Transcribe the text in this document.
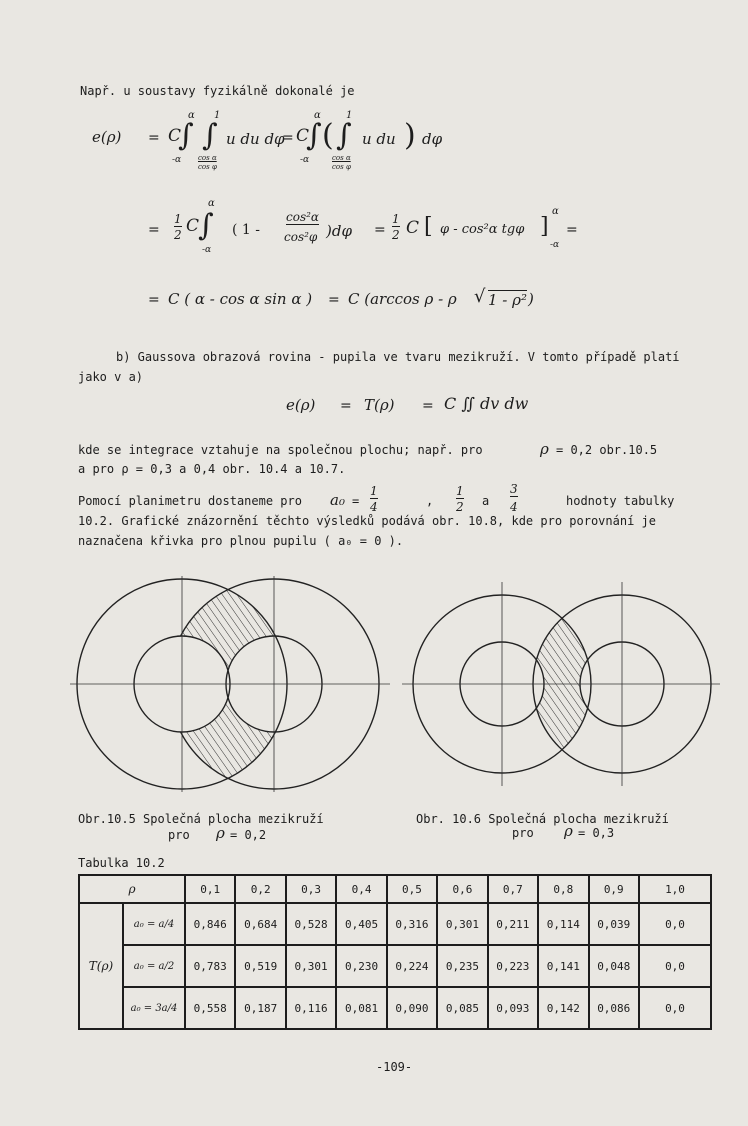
Např. u soustavy fyzikálně dokonalé je
e(ρ) = C
∫
α
-α
∫
1
cos α
cos φ
u du dφ
= C
∫
α
-α
( ∫
1
cos α
cos φ
u du ) dφ
=
1
2 C
∫
α
-α
( 1 -
cos²α
cos²φ )dφ =
1
2 C [ φ - cos²α tgφ ]
α
-α
=
= C ( α - cos α sin α ) = C (arccos ρ - ρ √ 1 - ρ² )
b) Gaussova obrazová rovina - pupila ve tvaru mezikruží. V tomto případě platí
jako v a)
e(ρ) = T(ρ) = C ∬ dv dw
kde se integrace vztahuje na společnou plochu; např. pro	ρ = 0,2 obr.10.5
a pro ρ = 0,3 a 0,4 obr. 10.4 a 10.7.
Pomocí planimetru dostaneme pro a₀ =
1
4	,
1
2 a
3
4	hodnoty tabulky
10.2. Grafické znázornění těchto výsledků podává obr. 10.8, kde pro porovnání je
naznačena křivka pro plnou pupilu ( a₀ = 0 ).
Obr.10.5 Společná plocha mezikruží
pro ρ = 0,2
Obr. 10.6 Společná plocha mezikruží
pro ρ = 0,3
Tabulka 10.2
ρ		0,1	0,2	0,3	0,4	0,5	0,6	0,7	0,8	0,9	1,0
T(ρ)	a₀ = a/4	0,846	0,684	0,528	0,405	0,316	0,301	0,211	0,114	0,039	0,0
	a₀ = a/2	0,783	0,519	0,301	0,230	0,224	0,235	0,223	0,141	0,048	0,0
	a₀ = 3a/4	0,558	0,187	0,116	0,081	0,090	0,085	0,093	0,142	0,086	0,0
-109-
